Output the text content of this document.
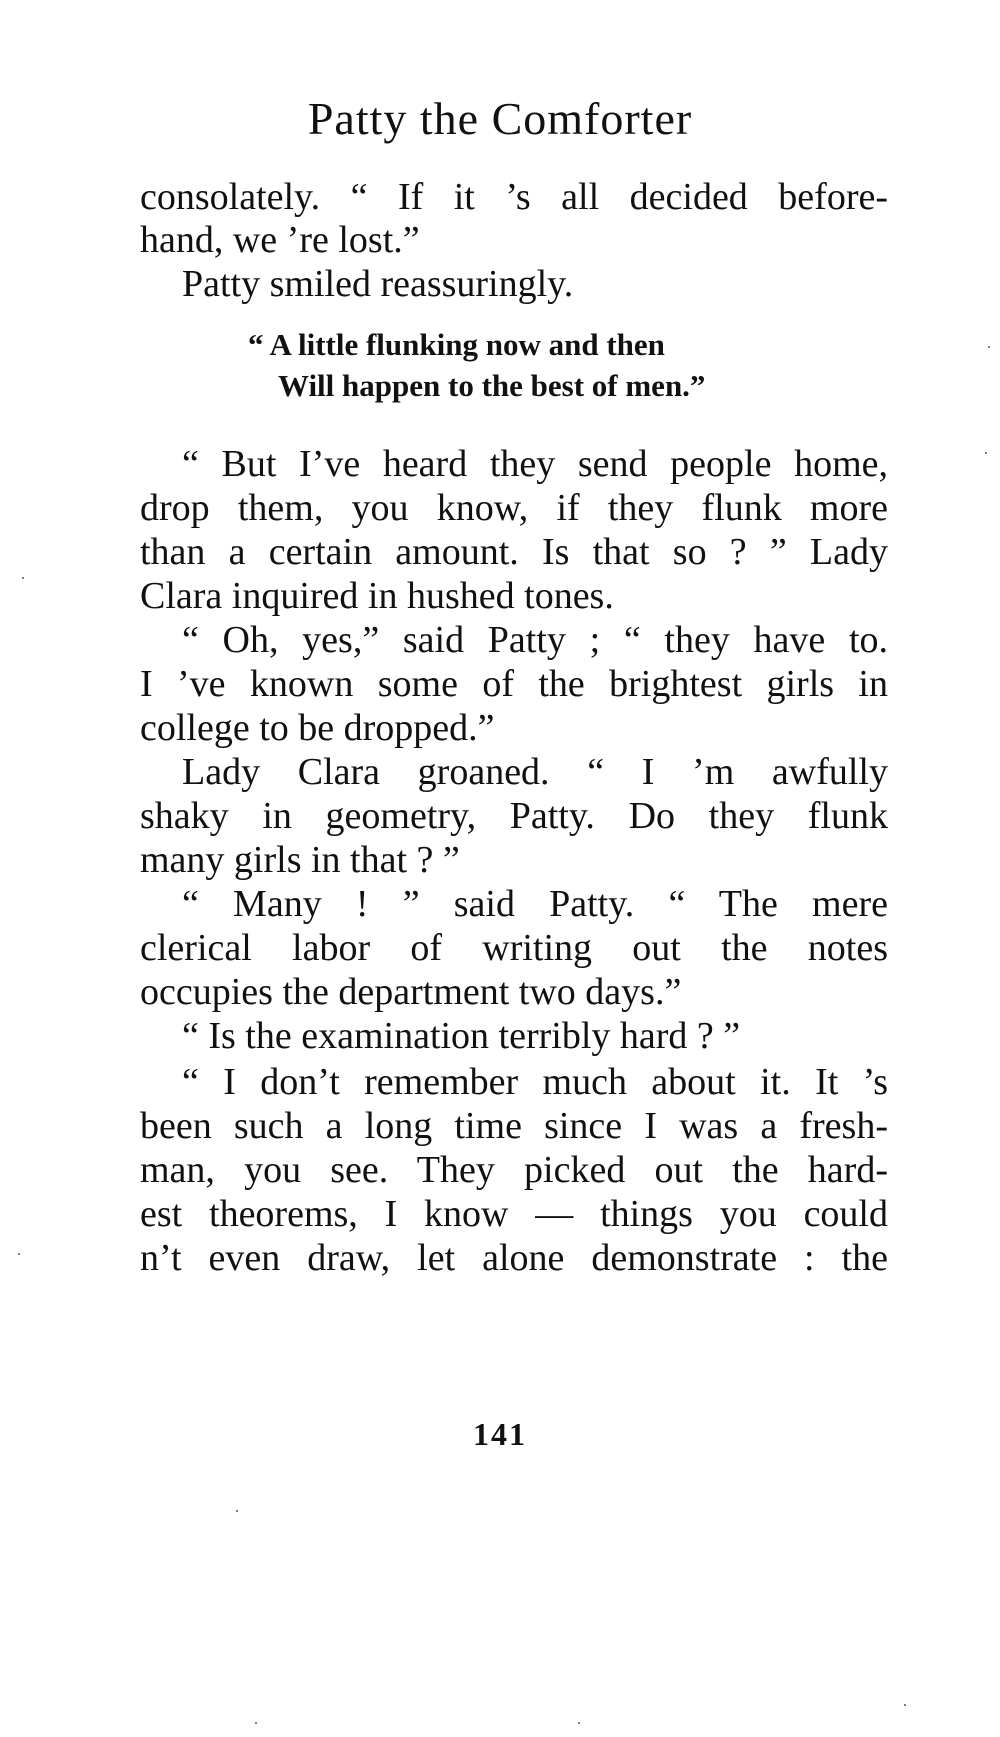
Patty the Comforter

consolately. “ If it ’s all decided before-

hand, we ’re lost.”

Patty smiled reassuringly.

“ A little flunking now and then

Will happen to the best of men.”

“ But I’ve heard they send people home,

drop them, you know, if they flunk more

than a certain amount. Is that so ? ” Lady

Clara inquired in hushed tones.

“ Oh, yes,” said Patty ; “ they have to.

I ’ve known some of the brightest girls in

college to be dropped.”

Lady Clara groaned. “ I ’m awfully

shaky in geometry, Patty. Do they flunk

many girls in that ? ”

“ Many ! ” said Patty. “ The mere

clerical labor of writing out the notes

occupies the department two days.”

“ Is the examination terribly hard ? ”

“ I don’t remember much about it. It ’s

been such a long time since I was a fresh-

man, you see. They picked out the hard-

est theorems, I know — things you could

n’t even draw, let alone demonstrate : the

141
